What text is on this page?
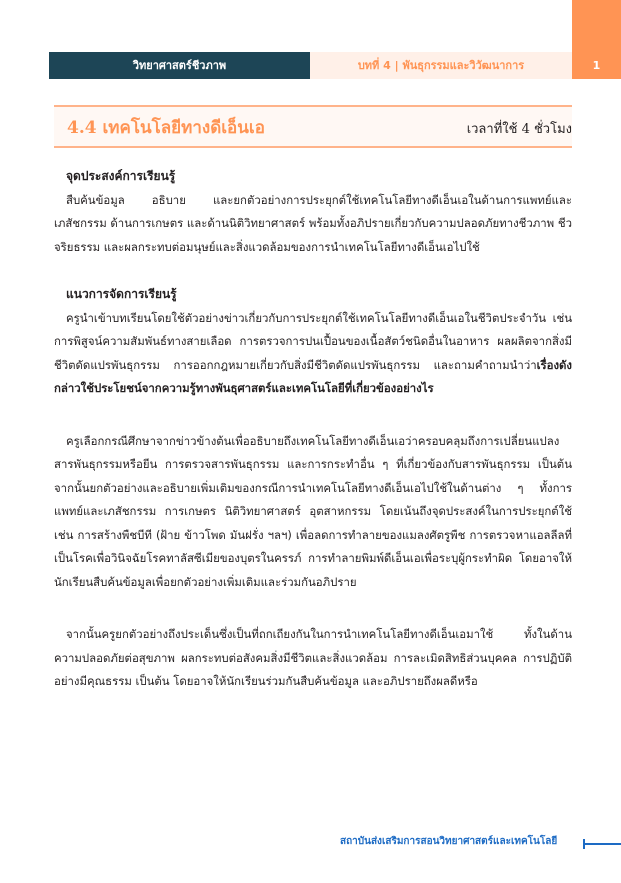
วิทยาศาสตร์ชีวภาพ	บทที่ 4 | พันธุกรรมและวิวัฒนาการ	1
4.4 เทคโนโลยีทางดีเอ็นเอ	เวลาที่ใช้ 4 ชั่วโมง
จุดประสงค์การเรียนรู้

สืบค้นข้อมูล อธิบาย และยกตัวอย่างการประยุกต์ใช้เทคโนโลยีทางดีเอ็นเอในด้านการแพทย์และเภสัชกรรม ด้านการเกษตร และด้านนิติวิทยาศาสตร์ พร้อมทั้งอภิปรายเกี่ยวกับความปลอดภัยทางชีวภาพ ชีวจริยธรรม และผลกระทบต่อมนุษย์และสิ่งแวดล้อมของการนำเทคโนโลยีทางดีเอ็นเอไปใช้

แนวการจัดการเรียนรู้

ครูนำเข้าบทเรียนโดยใช้ตัวอย่างข่าวเกี่ยวกับการประยุกต์ใช้เทคโนโลยีทางดีเอ็นเอในชีวิตประจำวัน เช่น การพิสูจน์ความสัมพันธ์ทางสายเลือด การตรวจการปนเปื้อนของเนื้อสัตว์ชนิดอื่นในอาหาร ผลผลิตจากสิ่งมีชีวิตดัดแปรพันธุกรรม การออกกฎหมายเกี่ยวกับสิ่งมีชีวิตดัดแปรพันธุกรรม และถามคำถามนำว่าเรื่องดังกล่าวใช้ประโยชน์จากความรู้ทางพันธุศาสตร์และเทคโนโลยีที่เกี่ยวข้องอย่างไร

ครูเลือกกรณีศึกษาจากข่าวข้างต้นเพื่ออธิบายถึงเทคโนโลยีทางดีเอ็นเอว่าครอบคลุมถึงการเปลี่ยนแปลงสารพันธุกรรมหรือยีน การตรวจสารพันธุกรรม และการกระทำอื่น ๆ ที่เกี่ยวข้องกับสารพันธุกรรม เป็นต้น จากนั้นยกตัวอย่างและอธิบายเพิ่มเติมของกรณีการนำเทคโนโลยีทางดีเอ็นเอไปใช้ในด้านต่าง ๆ ทั้งการแพทย์และเภสัชกรรม การเกษตร นิติวิทยาศาสตร์ อุตสาหกรรม โดยเน้นถึงจุดประสงค์ในการประยุกต์ใช้ เช่น การสร้างพืชบีที (ฝ้าย ข้าวโพด มันฝรั่ง ฯลฯ) เพื่อลดการทำลายของแมลงศัตรูพืช การตรวจหาแอลลีลที่เป็นโรคเพื่อวินิจฉัยโรคทาลัสซีเมียของบุตรในครรภ์ การทำลายพิมพ์ดีเอ็นเอเพื่อระบุผู้กระทำผิด โดยอาจให้นักเรียนสืบค้นข้อมูลเพื่อยกตัวอย่างเพิ่มเติมและร่วมกันอภิปราย

จากนั้นครูยกตัวอย่างถึงประเด็นซึ่งเป็นที่ถกเถียงกันในการนำเทคโนโลยีทางดีเอ็นเอมาใช้ ทั้งในด้านความปลอดภัยต่อสุขภาพ ผลกระทบต่อสังคมสิ่งมีชีวิตและสิ่งแวดล้อม การละเมิดสิทธิส่วนบุคคล การปฏิบัติอย่างมีคุณธรรม เป็นต้น โดยอาจให้นักเรียนร่วมกันสืบค้นข้อมูล และอภิปรายถึงผลดีหรือ

สถาบันส่งเสริมการสอนวิทยาศาสตร์และเทคโนโลยี
